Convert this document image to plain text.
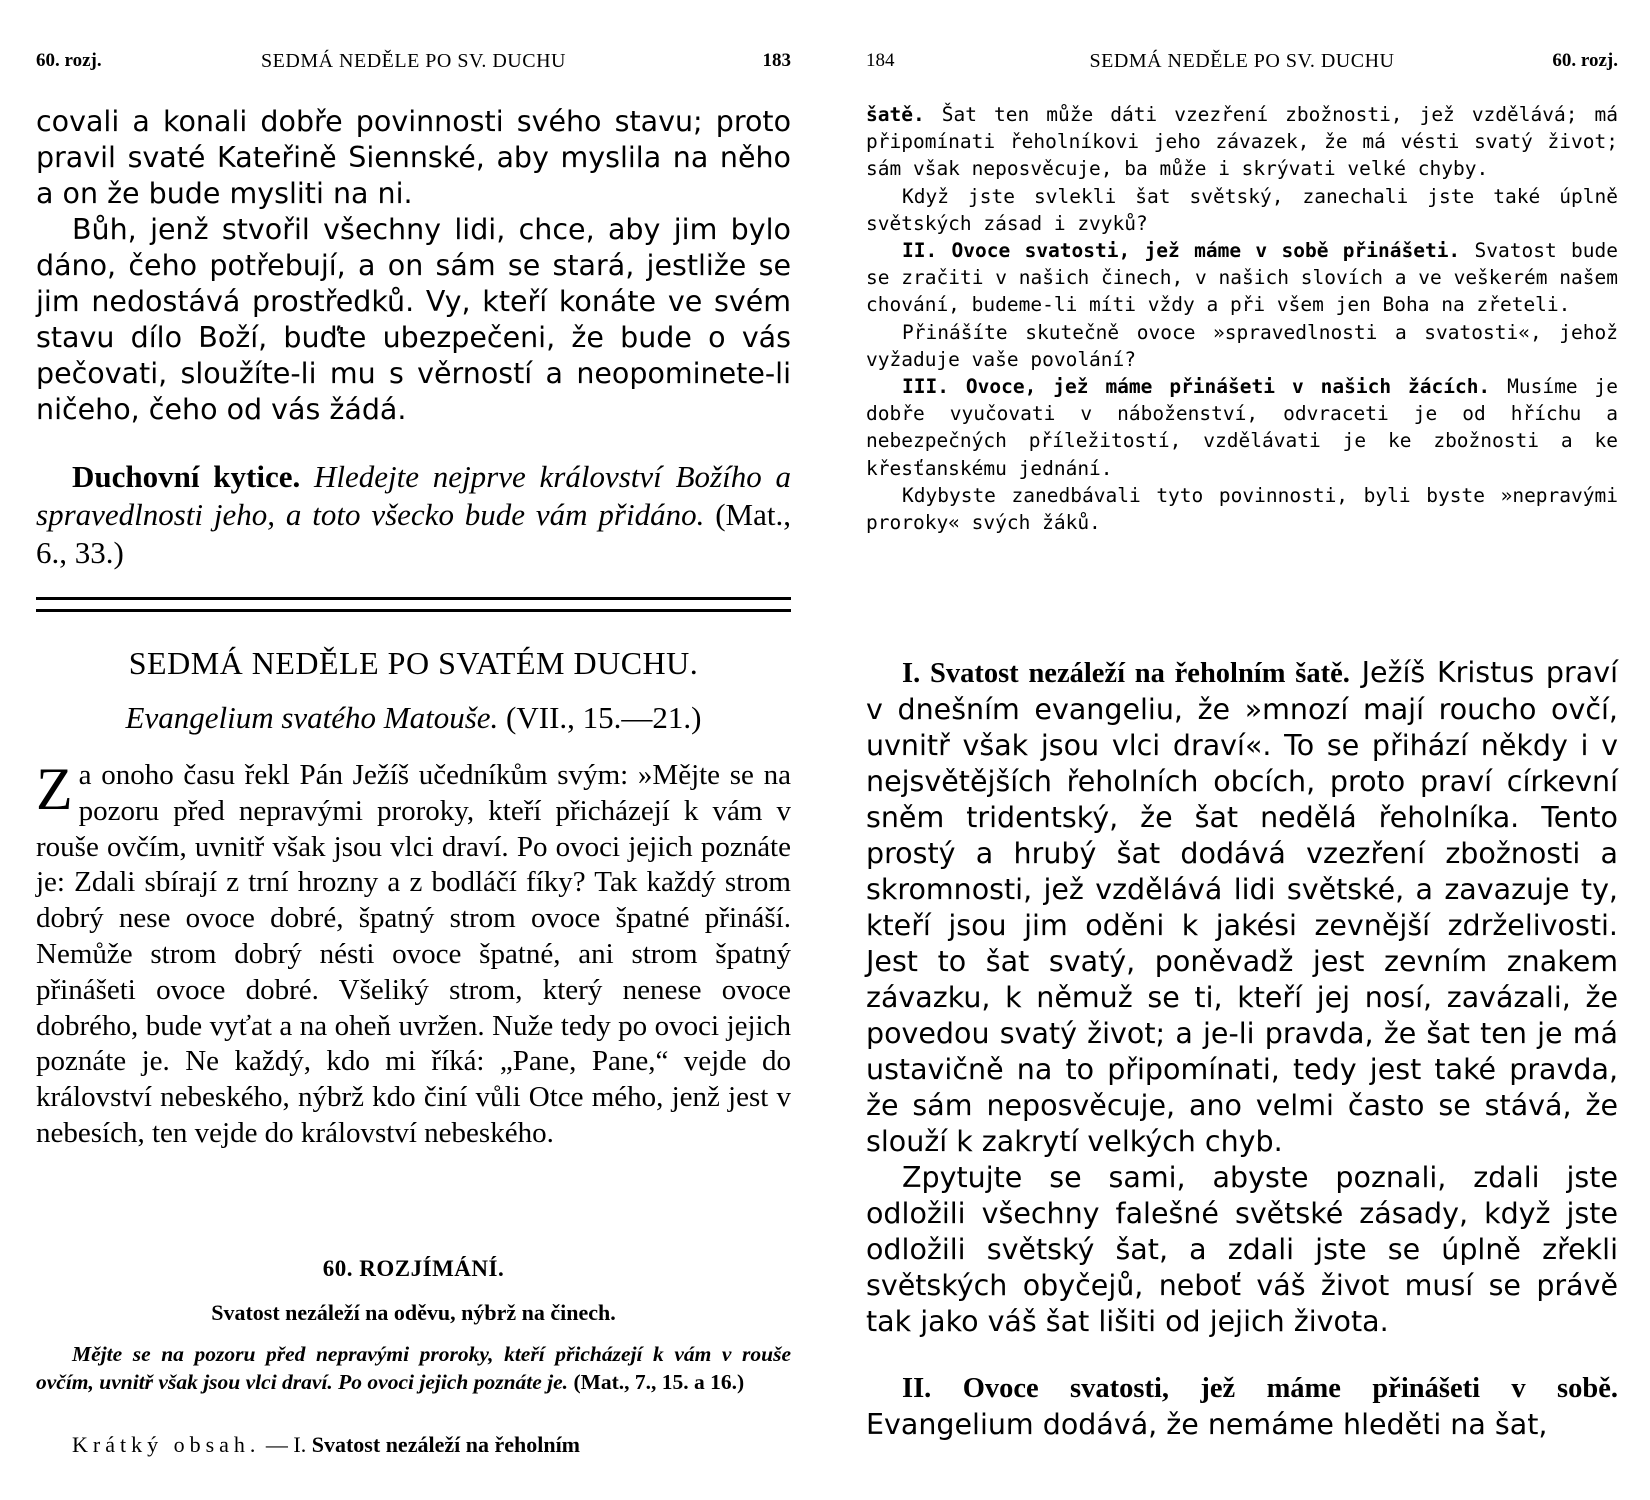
60. rozj.	SEDMÁ NEDĚLE PO SV. DUCHU	183

covali a konali dobře povinnosti svého stavu; proto pravil svaté Kateřině Siennské, aby myslila na něho a on že bude mysliti na ni.

Bůh, jenž stvořil všechny lidi, chce, aby jim bylo dáno, čeho potřebují, a on sám se stará, jestliže se jim nedostává prostředků. Vy, kteří konáte ve svém stavu dílo Boží, buďte ubezpečeni, že bude o vás pečovati, sloužíte-li mu s věrností a neopominete-li ničeho, čeho od vás žádá.

Duchovní kytice. Hledejte nejprve království Božího a spravedlnosti jeho, a toto všecko bude vám přidáno. (Mat., 6., 33.)
SEDMÁ NEDĚLE PO SVATÉM DUCHU.
Evangelium svatého Matouše. (VII., 15.—21.)
Z a onoho času řekl Pán Ježíš učedníkům svým: »Mějte se na pozoru před nepravými proroky, kteří přicházejí k vám v rouše ovčím, uvnitř však jsou vlci draví. Po ovoci jejich poznáte je: Zdali sbírají z trní hrozny a z bodláčí fíky? Tak každý strom dobrý nese ovoce dobré, špatný strom ovoce špatné přináší. Nemůže strom dobrý nésti ovoce špatné, ani strom špatný přinášeti ovoce dobré. Všeliký strom, který nenese ovoce dobrého, bude vyťat a na oheň uvržen. Nuže tedy po ovoci jejich poznáte je. Ne každý, kdo mi říká: „Pane, Pane,“ vejde do království nebeského, nýbrž kdo činí vůli Otce mého, jenž jest v nebesích, ten vejde do království nebeského.
60. ROZJÍMÁNÍ.
Svatost nezáleží na oděvu, nýbrž na činech.
Mějte se na pozoru před nepravými proroky, kteří přicházejí k vám v rouše ovčím, uvnitř však jsou vlci draví. Po ovoci jejich poznáte je. (Mat., 7., 15. a 16.)
Krátký obsah. — I. Svatost nezáleží na řeholním
184	SEDMÁ NEDĚLE PO SV. DUCHU	60. rozj.

šatě. Šat ten může dáti vzezření zbožnosti, jež vzdělává; má připomínati řeholníkovi jeho závazek, že má vésti svatý život; sám však neposvěcuje, ba může i skrývati velké chyby.

Když jste svlekli šat světský, zanechali jste také úplně světských zásad i zvyků?

II. Ovoce svatosti, jež máme v sobě přinášeti. Svatost bude se zračiti v našich činech, v našich slovích a ve veškerém našem chování, budeme-li míti vždy a při všem jen Boha na zřeteli.

Přinášíte skutečně ovoce »spravedlnosti a svatosti«, jehož vyžaduje vaše povolání?

III. Ovoce, jež máme přinášeti v našich žácích. Musíme je dobře vyučovati v náboženství, odvraceti je od hříchu a nebezpečných příležitostí, vzdělávati je ke zbožnosti a ke křesťanskému jednání.

Kdybyste zanedbávali tyto povinnosti, byli byste »nepravými proroky« svých žáků.

I. Svatost nezáleží na řeholním šatě. Ježíš Kristus praví v dnešním evangeliu, že »mnozí mají roucho ovčí, uvnitř však jsou vlci draví«. To se přihází někdy i v nejsvětějších řeholních obcích, proto praví církevní sněm tridentský, že šat nedělá řeholníka. Tento prostý a hrubý šat dodává vzezření zbožnosti a skromnosti, jež vzdělává lidi světské, a zavazuje ty, kteří jsou jim oděni k jakési zevnější zdrželivosti. Jest to šat svatý, poněvadž jest zevním znakem závazku, k němuž se ti, kteří jej nosí, zavázali, že povedou svatý život; a je-li pravda, že šat ten je má ustavičně na to připomínati, tedy jest také pravda, že sám neposvěcuje, ano velmi často se stává, že slouží k zakrytí velkých chyb.

Zpytujte se sami, abyste poznali, zdali jste odložili všechny falešné světské zásady, když jste odložili světský šat, a zdali jste se úplně zřekli světských obyčejů, neboť váš život musí se právě tak jako váš šat lišiti od jejich života.

II. Ovoce svatosti, jež máme přinášeti v sobě. Evangelium dodává, že nemáme hleděti na šat,
